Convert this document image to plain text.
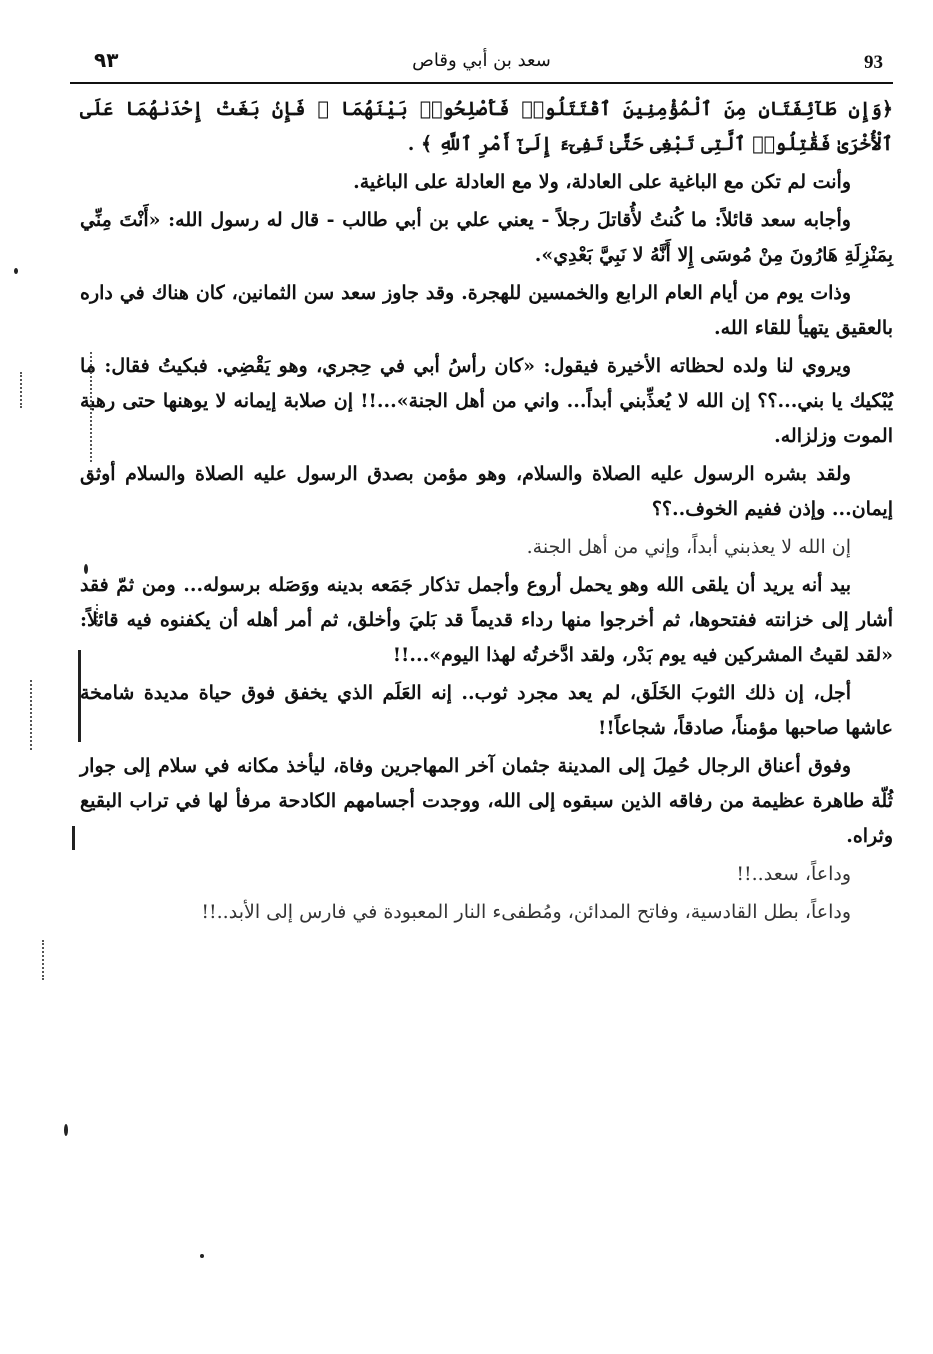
٩٣	سعد بن أبي وقاص	93

﴿وَإِن طَآئِفَتَانِ مِنَ ٱلْمُؤْمِنِينَ ٱقْتَتَلُوا۟ فَأَصْلِحُوا۟ بَيْنَهُمَا ۖ فَإِنۢ بَغَتْ إِحْدَىٰهُمَا عَلَى ٱلْأُخْرَىٰ فَقَٰتِلُوا۟ ٱلَّتِى تَبْغِى حَتَّىٰ تَفِىٓءَ إِلَىٰٓ أَمْرِ ٱللَّهِ ﴾ .

وأنت لم تكن مع الباغية على العادلة، ولا مع العادلة على الباغية.

وأجابه سعد قائلاً: ما كُنتُ لأُقاتلَ رجلاً - يعني علي بن أبي طالب - قال له رسول الله: «أَنْتَ مِنِّي بِمَنْزِلَةِ هَارُونَ مِنْ مُوسَى إِلا أَنَّهُ لا نَبِيَّ بَعْدِي».

وذات يوم من أيام العام الرابع والخمسين للهجرة. وقد جاوز سعد سن الثمانين، كان هناك في داره بالعقيق يتهيأ للقاء الله.

ويروي لنا ولده لحظاته الأخيرة فيقول: «كان رأسُ أبي في حِجري، وهو يَقْضِي. فبكيتُ فقال: ما يُبْكيك يا بني...؟؟ إن الله لا يُعذِّبني أبداً... واني من أهل الجنة»...!! إن صلابة إيمانه لا يوهنها حتى رهبة الموت وزلزاله.

ولقد بشره الرسول عليه الصلاة والسلام، وهو مؤمن بصدق الرسول عليه الصلاة والسلام أوثق إيمان... وإذن ففيم الخوف..؟؟

إن الله لا يعذبني أبداً، وإني من أهل الجنة.

بيد أنه يريد أن يلقى الله وهو يحمل أروع وأجمل تذكار جَمَعه بدينه ووَصَله برسوله... ومن ثمّ فقد أشار إلى خزانته ففتحوها، ثم أخرجوا منها رداء قديماً قد بَليَ وأخلق، ثم أمر أهله أن يكفنوه فيه قائلاً: «لقد لقيتُ المشركين فيه يوم بَدْر، ولقد ادَّخرتُه لهذا اليوم»...!!

أجل، إن ذلك الثوبَ الخَلَق، لم يعد مجرد ثوب.. إنه العَلَم الذي يخفق فوق حياة مديدة شامخة عاشها صاحبها مؤمناً، صادقاً، شجاعاً!!

وفوق أعناق الرجال حُمِلَ إلى المدينة جثمان آخر المهاجرين وفاة، ليأخذ مكانه في سلام إلى جوار ثُلّة طاهرة عظيمة من رفاقه الذين سبقوه إلى الله، ووجدت أجسامهم الكادحة مرفأ لها في تراب البقيع وثراه.

وداعاً، سعد..!!

وداعاً، بطل القادسية، وفاتح المدائن، ومُطفىء النار المعبودة في فارس إلى الأبد..!!
